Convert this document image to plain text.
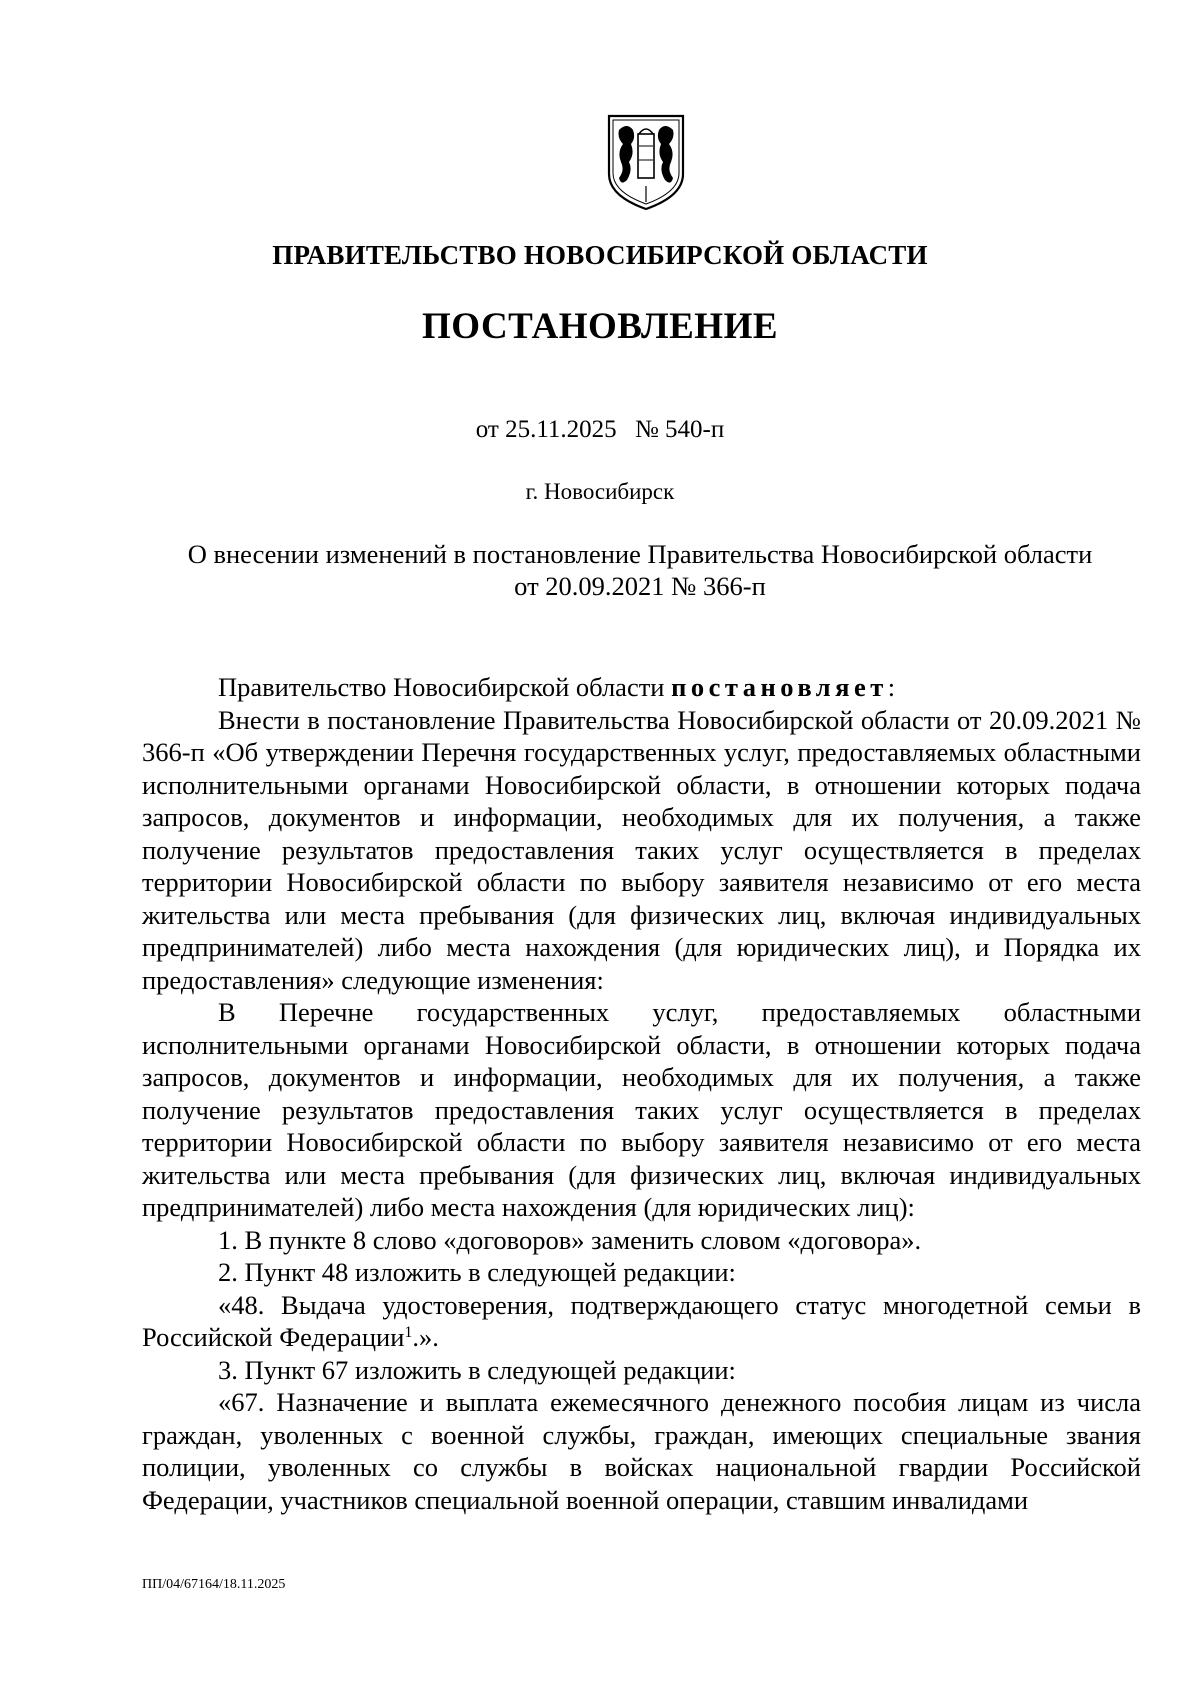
ПРАВИТЕЛЬСТВО НОВОСИБИРСКОЙ ОБЛАСТИ
ПОСТАНОВЛЕНИЕ
от 25.11.2025 № 540-п
г. Новосибирск
О внесении изменений в постановление Правительства Новосибирской области
от 20.09.2021 № 366-п

Правительство Новосибирской области постановляет:

Внести в постановление Правительства Новосибирской области от 20.09.2021 № 366-п «Об утверждении Перечня государственных услуг, предоставляемых областными исполнительными органами Новосибирской области, в отношении которых подача запросов, документов и информации, необходимых для их получения, а также получение результатов предоставления таких услуг осуществляется в пределах территории Новосибирской области по выбору заявителя независимо от его места жительства или места пребывания (для физических лиц, включая индивидуальных предпринимателей) либо места нахождения (для юридических лиц), и Порядка их предоставления» следующие изменения:

В Перечне государственных услуг, предоставляемых областными исполнительными органами Новосибирской области, в отношении которых подача запросов, документов и информации, необходимых для их получения, а также получение результатов предоставления таких услуг осуществляется в пределах территории Новосибирской области по выбору заявителя независимо от его места жительства или места пребывания (для физических лиц, включая индивидуальных предпринимателей) либо места нахождения (для юридических лиц):

1. В пункте 8 слово «договоров» заменить словом «договора».

2. Пункт 48 изложить в следующей редакции:

«48. Выдача удостоверения, подтверждающего статус многодетной семьи в Российской Федерации$^1$.».

3. Пункт 67 изложить в следующей редакции:

«67. Назначение и выплата ежемесячного денежного пособия лицам из числа граждан, уволенных с военной службы, граждан, имеющих специальные звания полиции, уволенных со службы в войсках национальной гвардии Российской Федерации, участников специальной военной операции, ставшим инвалидами

ПП/04/67164/18.11.2025
